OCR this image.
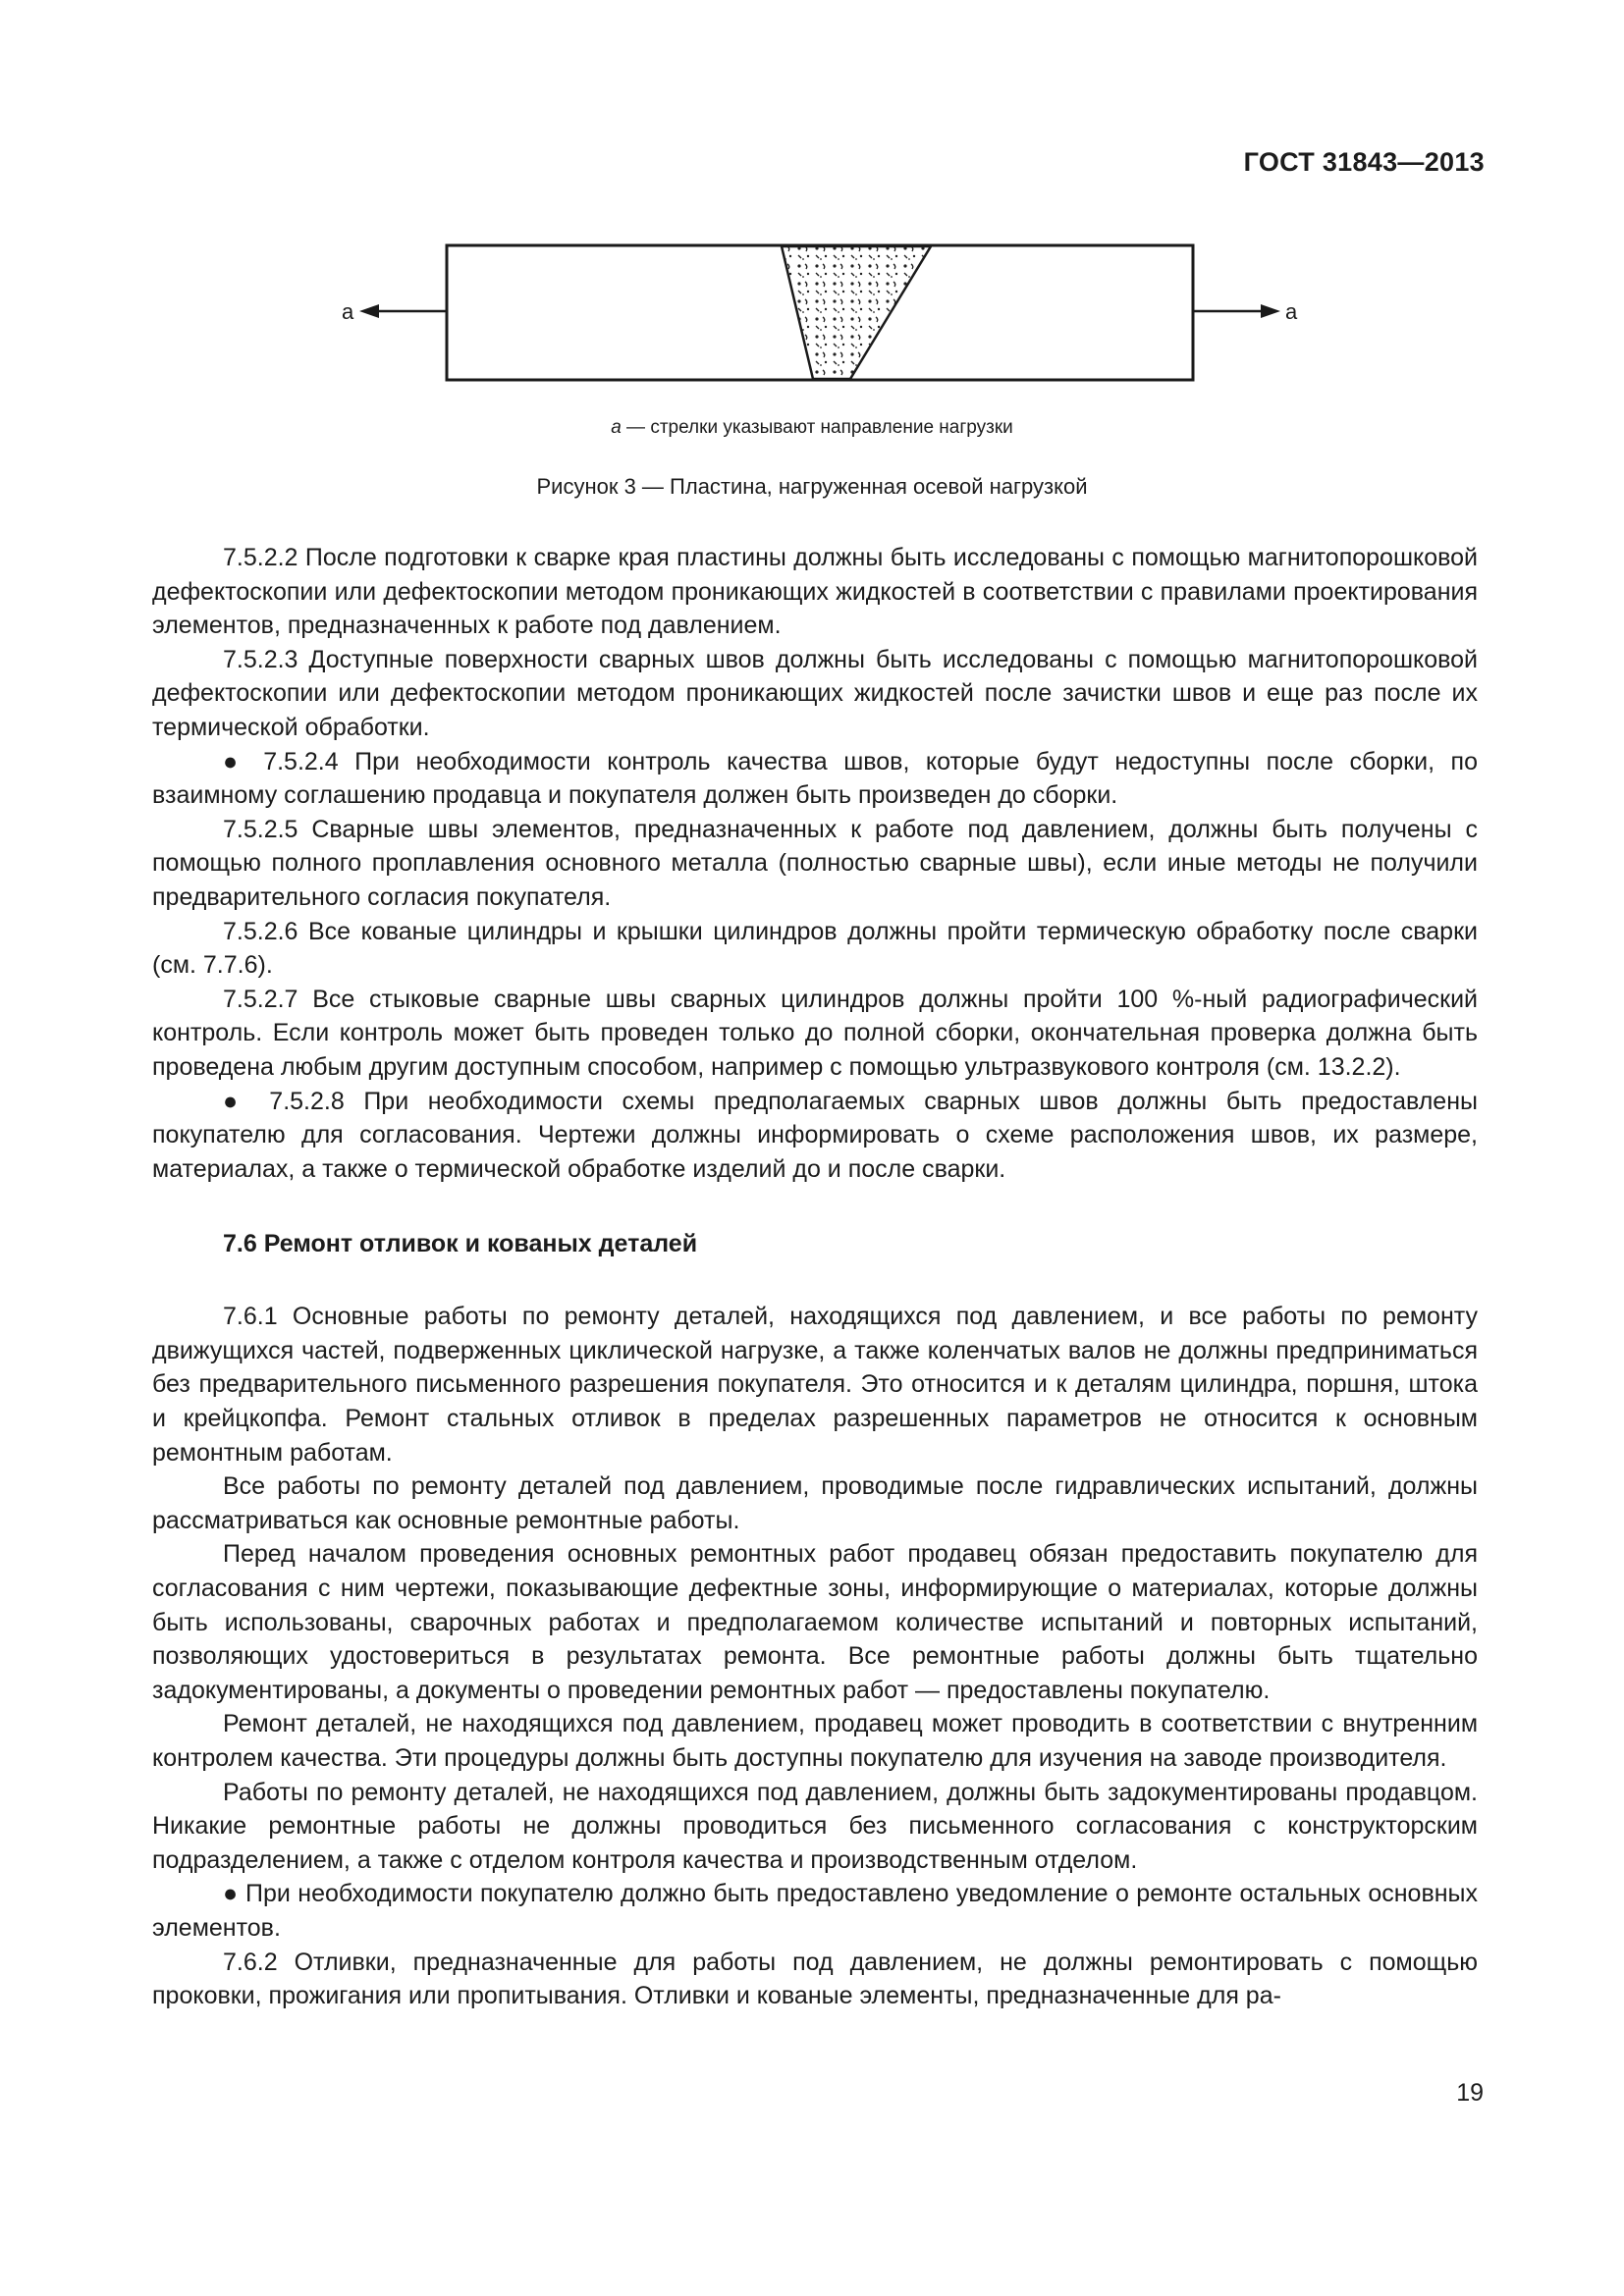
ГОСТ 31843—2013
a	a
a — стрелки указывают направление нагрузки
Рисунок 3 — Пластина, нагруженная осевой нагрузкой

7.5.2.2 После подготовки к сварке края пластины должны быть исследованы с помощью магнитопорошковой дефектоскопии или дефектоскопии методом проникающих жидкостей в соответствии с правилами проектирования элементов, предназначенных к работе под давлением.

7.5.2.3 Доступные поверхности сварных швов должны быть исследованы с помощью магнитопорошковой дефектоскопии или дефектоскопии методом проникающих жидкостей после зачистки швов и еще раз после их термической обработки.

● 7.5.2.4 При необходимости контроль качества швов, которые будут недоступны после сборки, по взаимному соглашению продавца и покупателя должен быть произведен до сборки.

7.5.2.5 Сварные швы элементов, предназначенных к работе под давлением, должны быть получены с помощью полного проплавления основного металла (полностью сварные швы), если иные методы не получили предварительного согласия покупателя.

7.5.2.6 Все кованые цилиндры и крышки цилиндров должны пройти термическую обработку после сварки (см. 7.7.6).

7.5.2.7 Все стыковые сварные швы сварных цилиндров должны пройти 100 %-ный радиографический контроль. Если контроль может быть проведен только до полной сборки, окончательная проверка должна быть проведена любым другим доступным способом, например с помощью ультразвукового контроля (см. 13.2.2).

● 7.5.2.8 При необходимости схемы предполагаемых сварных швов должны быть предоставлены покупателю для согласования. Чертежи должны информировать о схеме расположения швов, их размере, материалах, а также о термической обработке изделий до и после сварки.

7.6 Ремонт отливок и кованых деталей

7.6.1 Основные работы по ремонту деталей, находящихся под давлением, и все работы по ремонту движущихся частей, подверженных циклической нагрузке, а также коленчатых валов не должны предприниматься без предварительного письменного разрешения покупателя. Это относится и к деталям цилиндра, поршня, штока и крейцкопфа. Ремонт стальных отливок в пределах разрешенных параметров не относится к основным ремонтным работам.

Все работы по ремонту деталей под давлением, проводимые после гидравлических испытаний, должны рассматриваться как основные ремонтные работы.

Перед началом проведения основных ремонтных работ продавец обязан предоставить покупателю для согласования с ним чертежи, показывающие дефектные зоны, информирующие о материалах, которые должны быть использованы, сварочных работах и предполагаемом количестве испытаний и повторных испытаний, позволяющих удостовериться в результатах ремонта. Все ремонтные работы должны быть тщательно задокументированы, а документы о проведении ремонтных работ — предоставлены покупателю.

Ремонт деталей, не находящихся под давлением, продавец может проводить в соответствии с внутренним контролем качества. Эти процедуры должны быть доступны покупателю для изучения на заводе производителя.

Работы по ремонту деталей, не находящихся под давлением, должны быть задокументированы продавцом. Никакие ремонтные работы не должны проводиться без письменного согласования с конструкторским подразделением, а также с отделом контроля качества и производственным отделом.

● При необходимости покупателю должно быть предоставлено уведомление о ремонте остальных основных элементов.

7.6.2 Отливки, предназначенные для работы под давлением, не должны ремонтировать с помощью проковки, прожигания или пропитывания. Отливки и кованые элементы, предназначенные для ра-

19
